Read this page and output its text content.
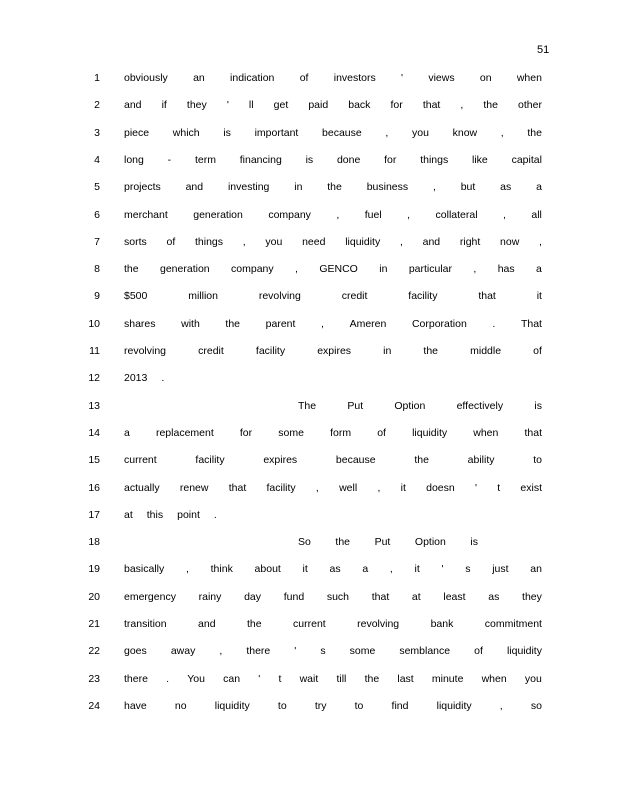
51
1 obviously an indication of investors ' views on when
2 and if they ' ll get paid back for that , the other
3 piece which is important because , you know , the
4 long - term financing is done for things like capital
5 projects and investing in the business , but as a
6 merchant generation company , fuel , collateral , all
7 sorts of things , you need liquidity , and right now ,
8 the generation company , GENCO in particular , has a
9 $500	million	revolving	credit	facility	that	it
10 shares with the parent , Ameren Corporation . That
11 revolving	credit	facility	expires	in	the	middle	of
12 2013 .
13	The	Put	Option	effectively	is
14 a replacement for some form of liquidity when that
15 current	facility	expires	because	the	ability	to
16 actually renew that facility , well , it doesn ' t exist
17 at this point .
18	So the Put Option is
19 basically , think about it as a , it ' s just an
20 emergency rainy day fund such that at least as they
21 transition	and	the	current	revolving	bank	commitment
22 goes away , there ' s some semblance of liquidity
23 there . You can ' t wait till the last minute when you
24 have	no	liquidity	to	try	to	find	liquidity	,	so
